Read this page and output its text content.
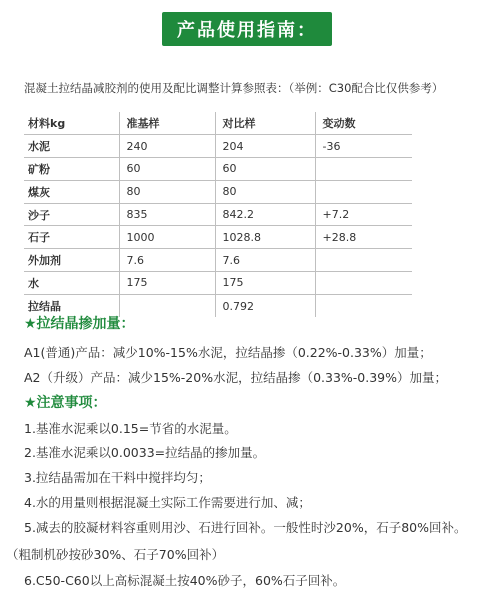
产品使用指南：
混凝土拉结晶减胶剂的使用及配比调整计算参照表：（举例：C30配合比仅供参考）
材料kg	准基样	对比样	变动数
水泥	240	204	-36
矿粉	60	60	
煤灰	80	80	
沙子	835	842.2	+7.2
石子	1000	1028.8	+28.8
外加剂	7.6	7.6	
水	175	175	
拉结晶		0.792	
★拉结晶掺加量：
A1(普通)产品：减少10%-15%水泥，拉结晶掺（0.22%-0.33%）加量；
A2（升级）产品：减少15%-20%水泥，拉结晶掺（0.33%-0.39%）加量；
★注意事项：
1.基准水泥乘以0.15=节省的水泥量。
2.基准水泥乘以0.0033=拉结晶的掺加量。
3.拉结晶需加在干料中搅拌均匀；
4.水的用量则根据混凝土实际工作需要进行加、减；
5.减去的胶凝材料容重则用沙、石进行回补。一般性时沙20%，石子80%回补。
（粗制机砂按砂30%、石子70%回补）
6.C50-C60以上高标混凝土按40%砂子，60%石子回补。
